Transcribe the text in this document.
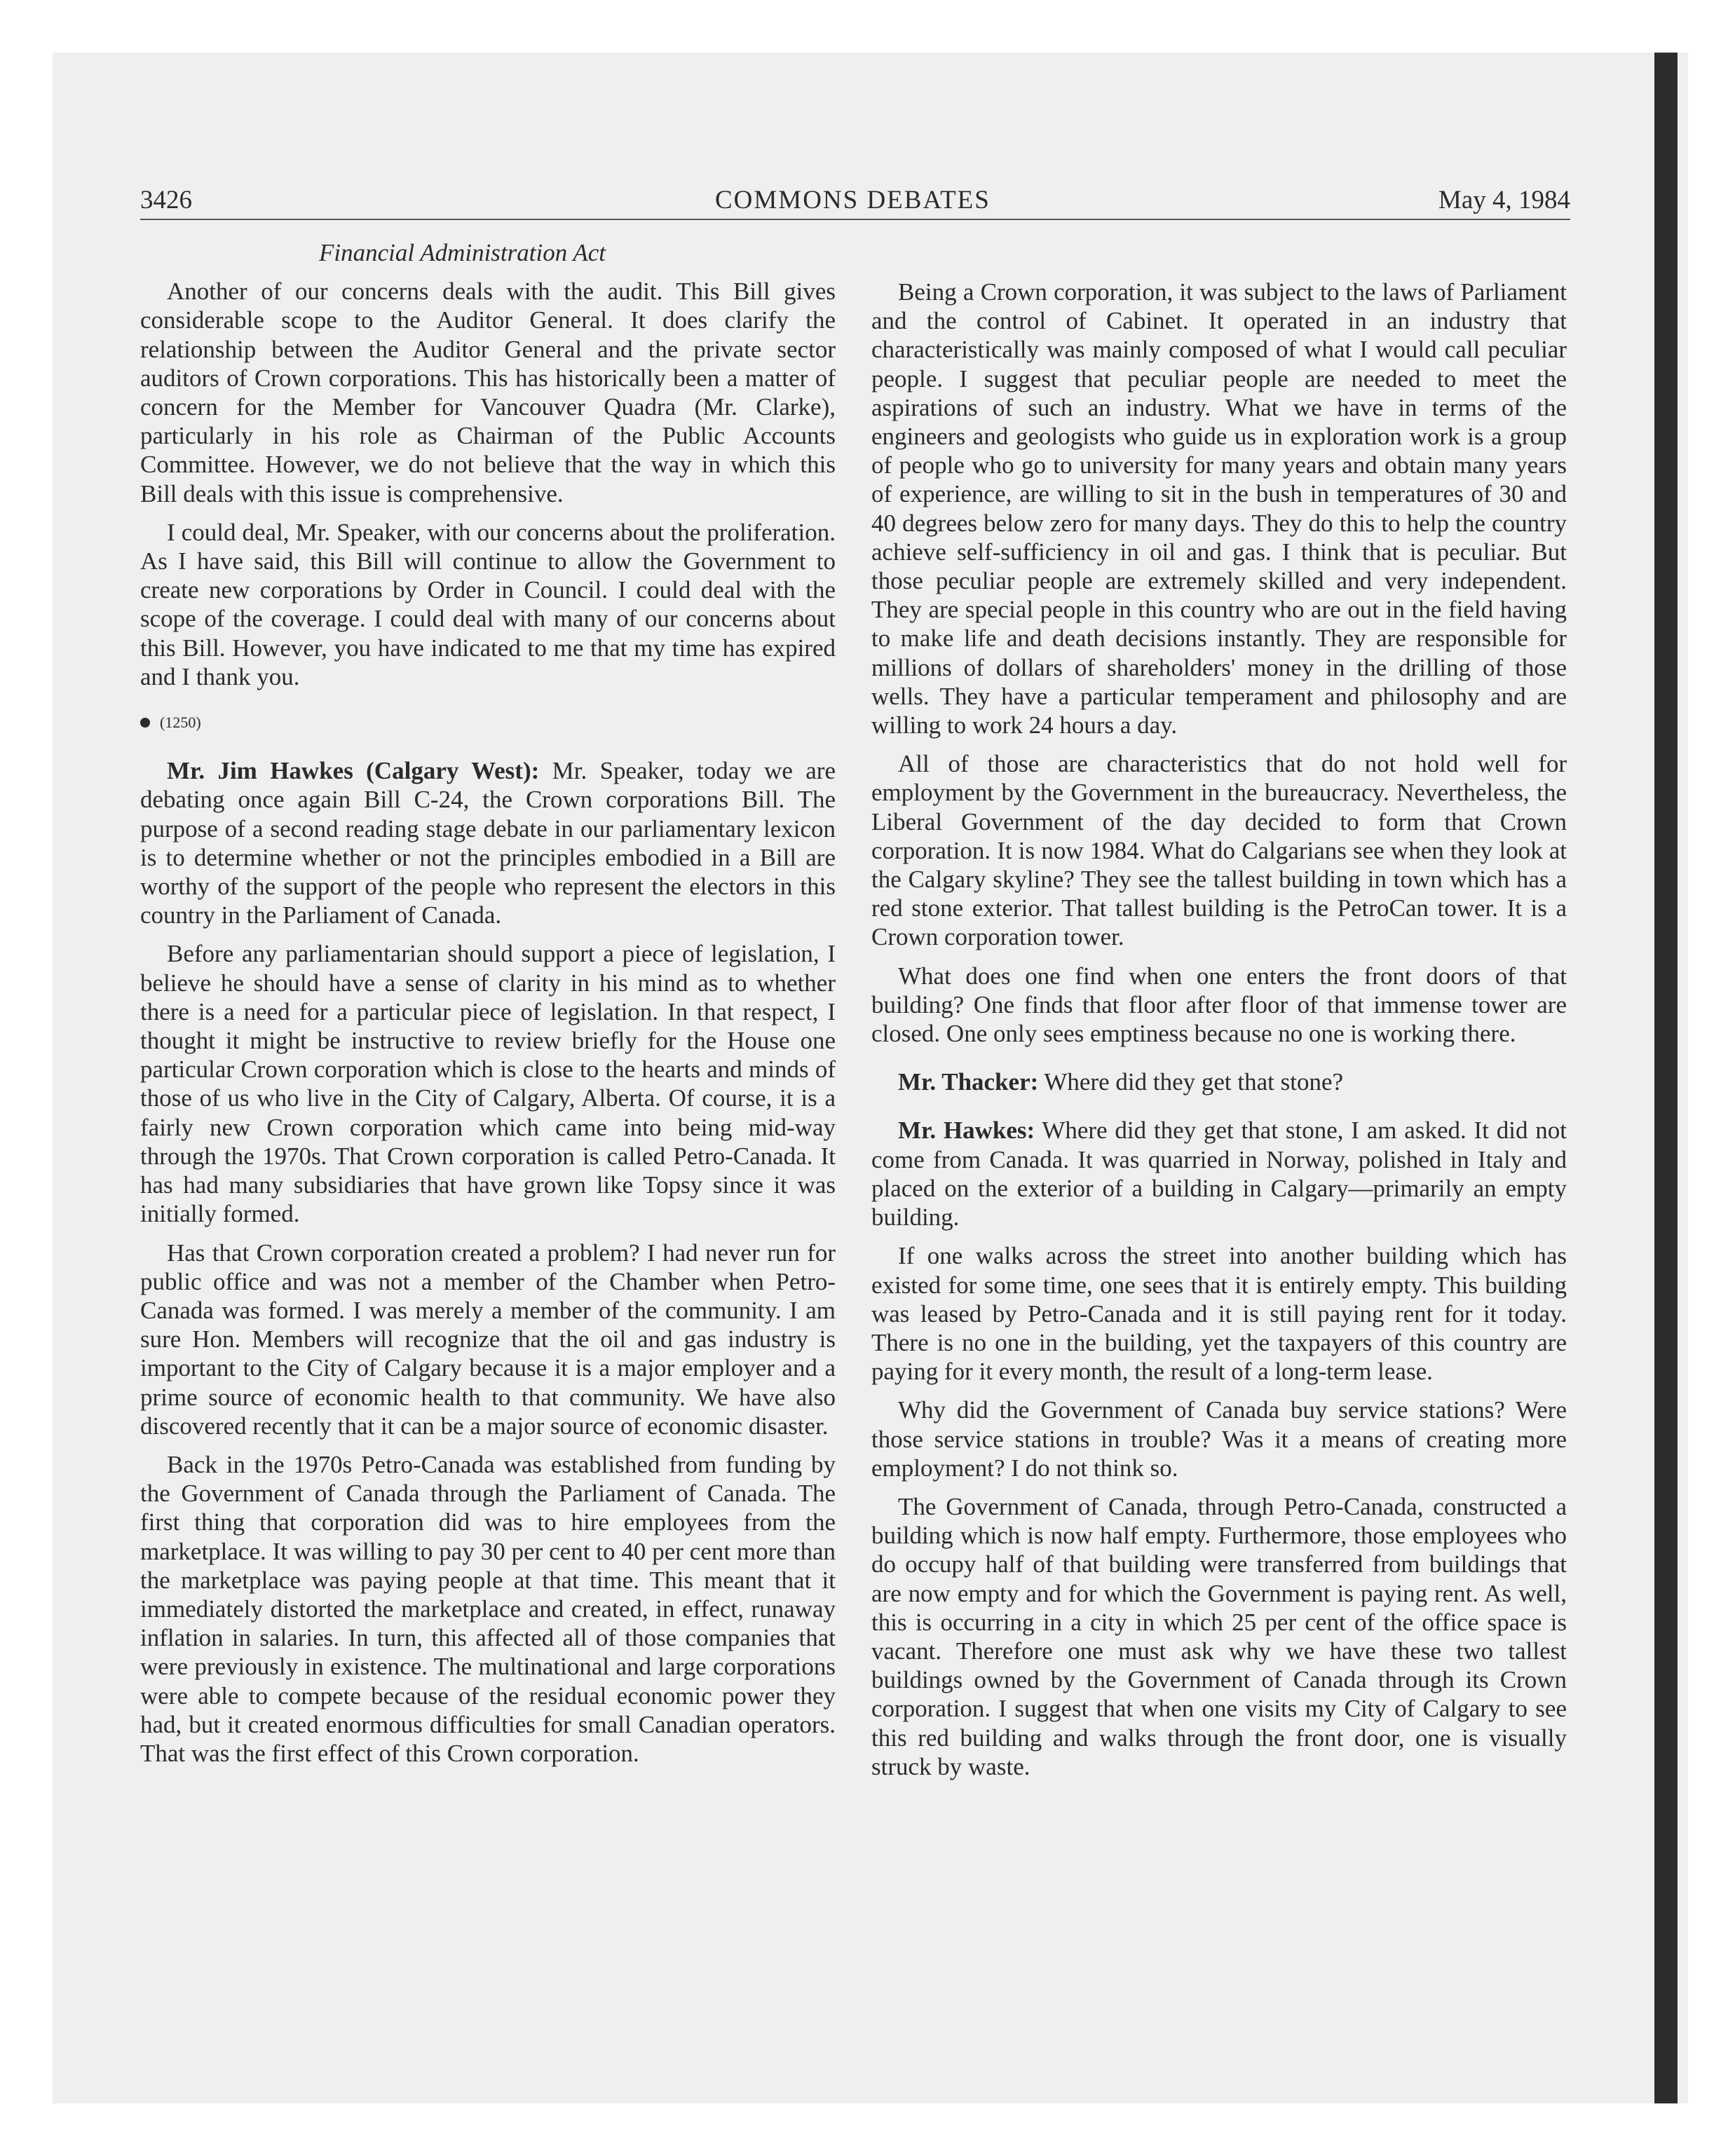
3426	COMMONS DEBATES	May 4, 1984
Financial Administration Act

Another of our concerns deals with the audit. This Bill gives considerable scope to the Auditor General. It does clarify the relationship between the Auditor General and the private sector auditors of Crown corporations. This has historically been a matter of concern for the Member for Vancouver Quadra (Mr. Clarke), particularly in his role as Chairman of the Public Accounts Committee. However, we do not believe that the way in which this Bill deals with this issue is comprehensive.

I could deal, Mr. Speaker, with our concerns about the proliferation. As I have said, this Bill will continue to allow the Government to create new corporations by Order in Council. I could deal with the scope of the coverage. I could deal with many of our concerns about this Bill. However, you have indicated to me that my time has expired and I thank you.

(1250)

Mr. Jim Hawkes (Calgary West): Mr. Speaker, today we are debating once again Bill C-24, the Crown corporations Bill. The purpose of a second reading stage debate in our parliamentary lexicon is to determine whether or not the principles embodied in a Bill are worthy of the support of the people who represent the electors in this country in the Parliament of Canada.

Before any parliamentarian should support a piece of legislation, I believe he should have a sense of clarity in his mind as to whether there is a need for a particular piece of legislation. In that respect, I thought it might be instructive to review briefly for the House one particular Crown corporation which is close to the hearts and minds of those of us who live in the City of Calgary, Alberta. Of course, it is a fairly new Crown corporation which came into being mid-way through the 1970s. That Crown corporation is called Petro-Canada. It has had many subsidiaries that have grown like Topsy since it was initially formed.

Has that Crown corporation created a problem? I had never run for public office and was not a member of the Chamber when Petro-Canada was formed. I was merely a member of the community. I am sure Hon. Members will recognize that the oil and gas industry is important to the City of Calgary because it is a major employer and a prime source of economic health to that community. We have also discovered recently that it can be a major source of economic disaster.

Back in the 1970s Petro-Canada was established from funding by the Government of Canada through the Parliament of Canada. The first thing that corporation did was to hire employees from the marketplace. It was willing to pay 30 per cent to 40 per cent more than the marketplace was paying people at that time. This meant that it immediately distorted the marketplace and created, in effect, runaway inflation in salaries. In turn, this affected all of those companies that were previously in existence. The multinational and large corporations were able to compete because of the residual economic power they had, but it created enormous difficulties for small Canadian operators. That was the first effect of this Crown corporation.

Being a Crown corporation, it was subject to the laws of Parliament and the control of Cabinet. It operated in an industry that characteristically was mainly composed of what I would call peculiar people. I suggest that peculiar people are needed to meet the aspirations of such an industry. What we have in terms of the engineers and geologists who guide us in exploration work is a group of people who go to university for many years and obtain many years of experience, are willing to sit in the bush in temperatures of 30 and 40 degrees below zero for many days. They do this to help the country achieve self-sufficiency in oil and gas. I think that is peculiar. But those peculiar people are extremely skilled and very independent. They are special people in this country who are out in the field having to make life and death decisions instantly. They are responsible for millions of dollars of shareholders' money in the drilling of those wells. They have a particular temperament and philosophy and are willing to work 24 hours a day.

All of those are characteristics that do not hold well for employment by the Government in the bureaucracy. Nevertheless, the Liberal Government of the day decided to form that Crown corporation. It is now 1984. What do Calgarians see when they look at the Calgary skyline? They see the tallest building in town which has a red stone exterior. That tallest building is the PetroCan tower. It is a Crown corporation tower.

What does one find when one enters the front doors of that building? One finds that floor after floor of that immense tower are closed. One only sees emptiness because no one is working there.

Mr. Thacker: Where did they get that stone?

Mr. Hawkes: Where did they get that stone, I am asked. It did not come from Canada. It was quarried in Norway, polished in Italy and placed on the exterior of a building in Calgary—primarily an empty building.

If one walks across the street into another building which has existed for some time, one sees that it is entirely empty. This building was leased by Petro-Canada and it is still paying rent for it today. There is no one in the building, yet the taxpayers of this country are paying for it every month, the result of a long-term lease.

Why did the Government of Canada buy service stations? Were those service stations in trouble? Was it a means of creating more employment? I do not think so.

The Government of Canada, through Petro-Canada, constructed a building which is now half empty. Furthermore, those employees who do occupy half of that building were transferred from buildings that are now empty and for which the Government is paying rent. As well, this is occurring in a city in which 25 per cent of the office space is vacant. Therefore one must ask why we have these two tallest buildings owned by the Government of Canada through its Crown corporation. I suggest that when one visits my City of Calgary to see this red building and walks through the front door, one is visually struck by waste.
